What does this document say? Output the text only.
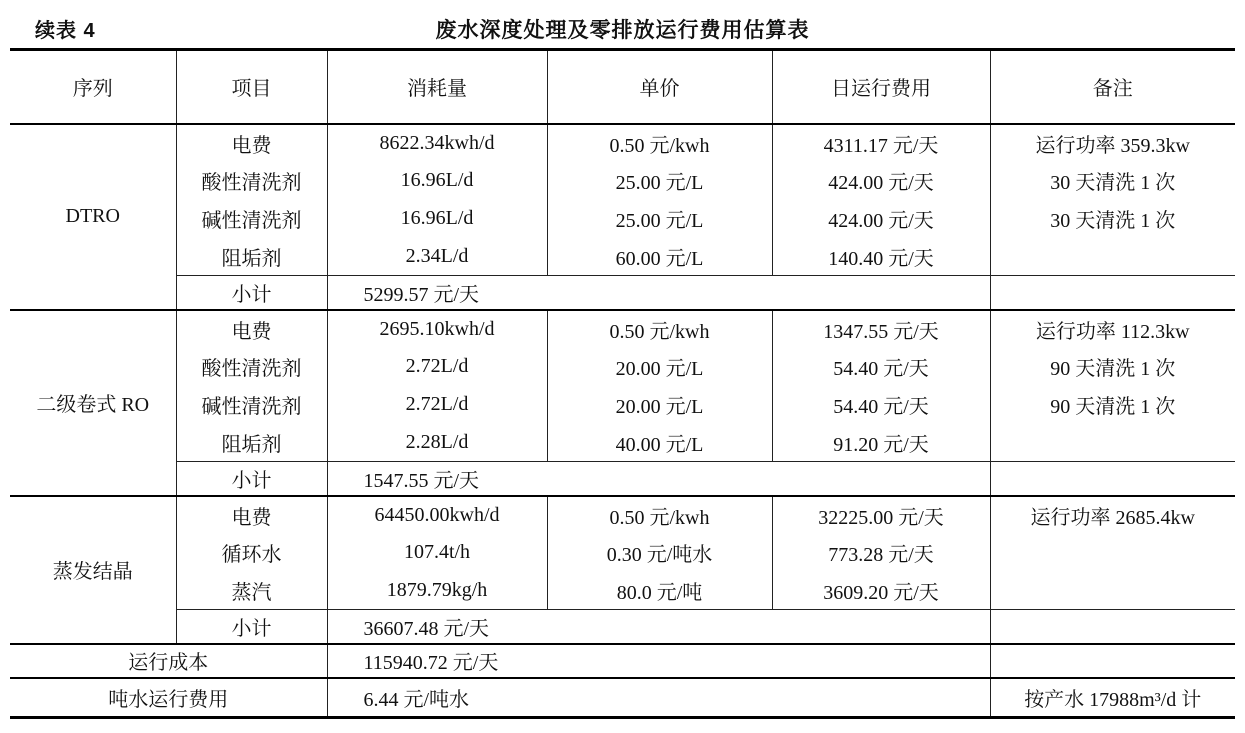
续表 4	废水深度处理及零排放运行费用估算表
序列	项目	消耗量	单价	日运行费用	备注
DTRO	电费	8622.34kwh/d	0.50 元/kwh	4311.17 元/天	运行功率 359.3kw
	酸性清洗剂	16.96L/d	25.00 元/L	424.00 元/天	30 天清洗 1 次
	碱性清洗剂	16.96L/d	25.00 元/L	424.00 元/天	30 天清洗 1 次
	阻垢剂	2.34L/d	60.00 元/L	140.40 元/天	
	小计	5299.57 元/天			
二级卷式 RO	电费	2695.10kwh/d	0.50 元/kwh	1347.55 元/天	运行功率 112.3kw
	酸性清洗剂	2.72L/d	20.00 元/L	54.40 元/天	90 天清洗 1 次
	碱性清洗剂	2.72L/d	20.00 元/L	54.40 元/天	90 天清洗 1 次
	阻垢剂	2.28L/d	40.00 元/L	91.20 元/天	
	小计	1547.55 元/天			
蒸发结晶	电费	64450.00kwh/d	0.50 元/kwh	32225.00 元/天	运行功率 2685.4kw
	循环水	107.4t/h	0.30 元/吨水	773.28 元/天	
	蒸汽	1879.79kg/h	80.0 元/吨	3609.20 元/天	
	小计	36607.48 元/天			
运行成本		115940.72 元/天			
吨水运行费用		6.44 元/吨水			按产水 17988m³/d 计
